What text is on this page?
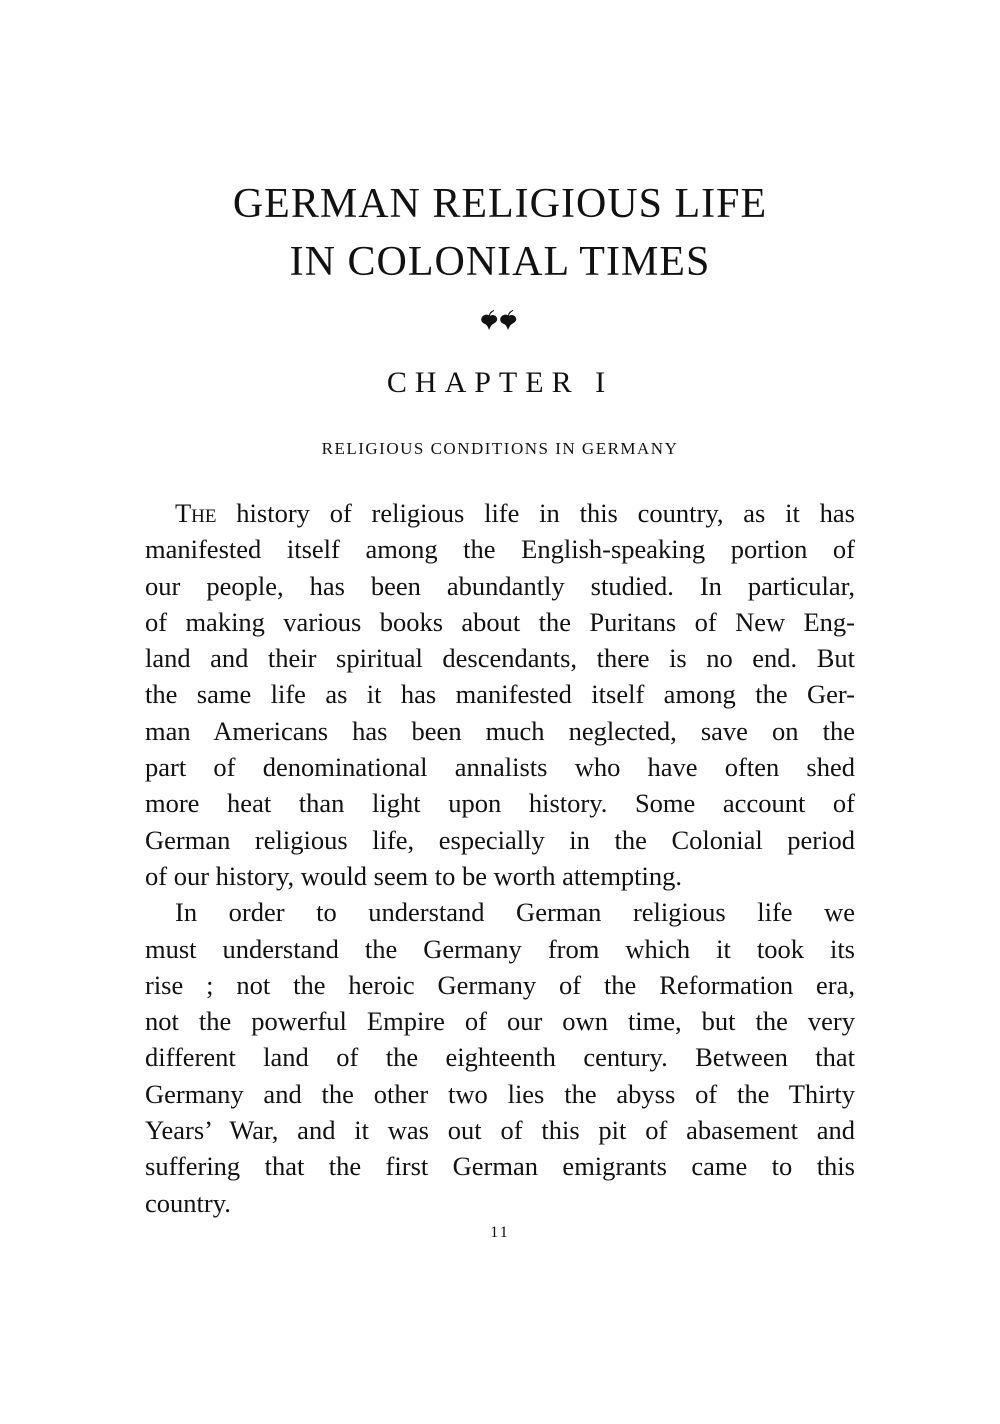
GERMAN RELIGIOUS LIFE
IN COLONIAL TIMES
CHAPTER I
RELIGIOUS CONDITIONS IN GERMANY
The history of religious life in this country, as it has
manifested itself among the English-speaking portion of
our people, has been abundantly studied. In particular,
of making various books about the Puritans of New Eng-
land and their spiritual descendants, there is no end. But
the same life as it has manifested itself among the Ger-
man Americans has been much neglected, save on the
part of denominational annalists who have often shed
more heat than light upon history. Some account of
German religious life, especially in the Colonial period
of our history, would seem to be worth attempting.
In order to understand German religious life we
must understand the Germany from which it took its
rise ; not the heroic Germany of the Reformation era,
not the powerful Empire of our own time, but the very
different land of the eighteenth century. Between that
Germany and the other two lies the abyss of the Thirty
Years’ War, and it was out of this pit of abasement and
suffering that the first German emigrants came to this
country.
11
